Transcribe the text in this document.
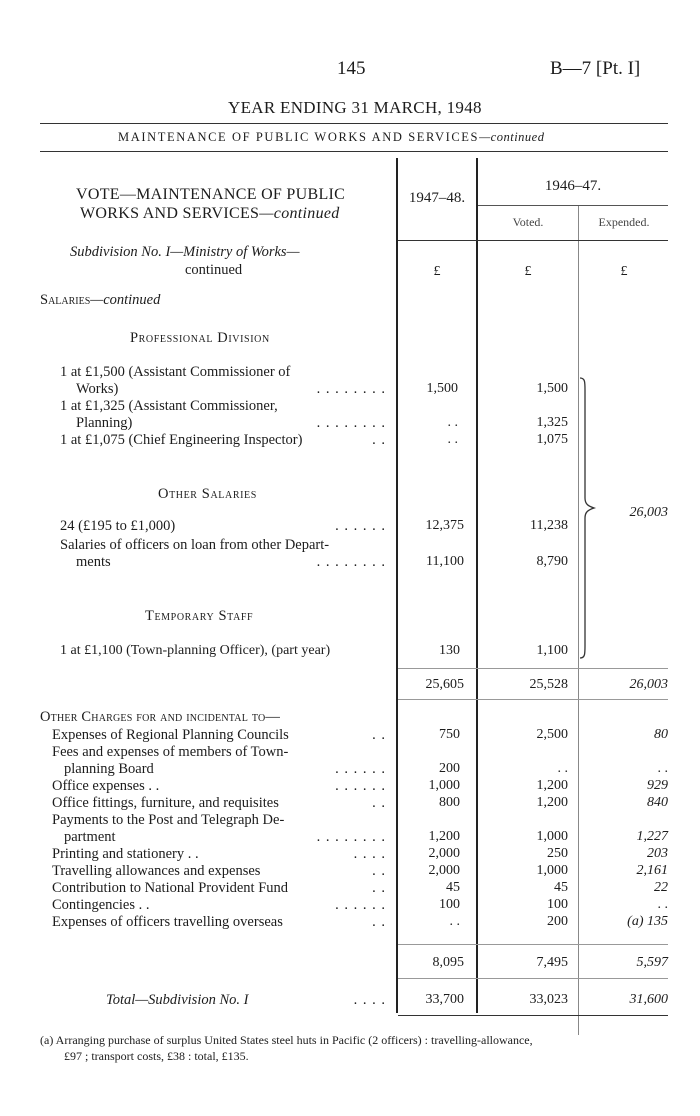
145	B—7 [Pt. I]
YEAR ENDING 31 MARCH, 1948
MAINTENANCE OF PUBLIC WORKS AND SERVICES—continued
VOTE—MAINTENANCE OF PUBLIC
WORKS AND SERVICES—continued
1947–48.
1946–47.
Voted.	Expended.
Subdivision No. I—Ministry of Works—
continued	£	£	£
Salaries—continued
Professional Division
1 at £1,500 (Assistant Commissioner of
Works)	. . . . . . . .	1,500	1,500
1 at £1,325 (Assistant Commissioner,
Planning)	. . . . . . . .	. .	1,325
1 at £1,075 (Chief Engineering Inspector)	. .	. .	1,075
Other Salaries
24 (£195 to £1,000)	. . . . . .	12,375	11,238
Salaries of officers on loan from other Depart-
ments	. . . . . . . .	11,100	8,790
26,003
Temporary Staff
1 at £1,100 (Town-planning Officer), (part year)	130	1,100
25,605	25,528	26,003
Other Charges for and incidental to—
Expenses of Regional Planning Councils	. .	750	2,500	80
Fees and expenses of members of Town-
planning Board	. . . . . .	200	. .	. .
Office expenses . .	. . . . . .	1,000	1,200	929
Office fittings, furniture, and requisites	. .	800	1,200	840
Payments to the Post and Telegraph De-
partment	. . . . . . . .	1,200	1,000	1,227
Printing and stationery . .	. . . .	2,000	250	203
Travelling allowances and expenses	. .	2,000	1,000	2,161
Contribution to National Provident Fund	. .	45	45	22
Contingencies . .	. . . . . .	100	100	. .
Expenses of officers travelling overseas	. .	. .	200	(a) 135
8,095	7,495	5,597
Total—Subdivision No. I	. . . .	33,700	33,023	31,600
(a) Arranging purchase of surplus United States steel huts in Pacific (2 officers) : travelling-allowance,
£97 ; transport costs, £38 : total, £135.
